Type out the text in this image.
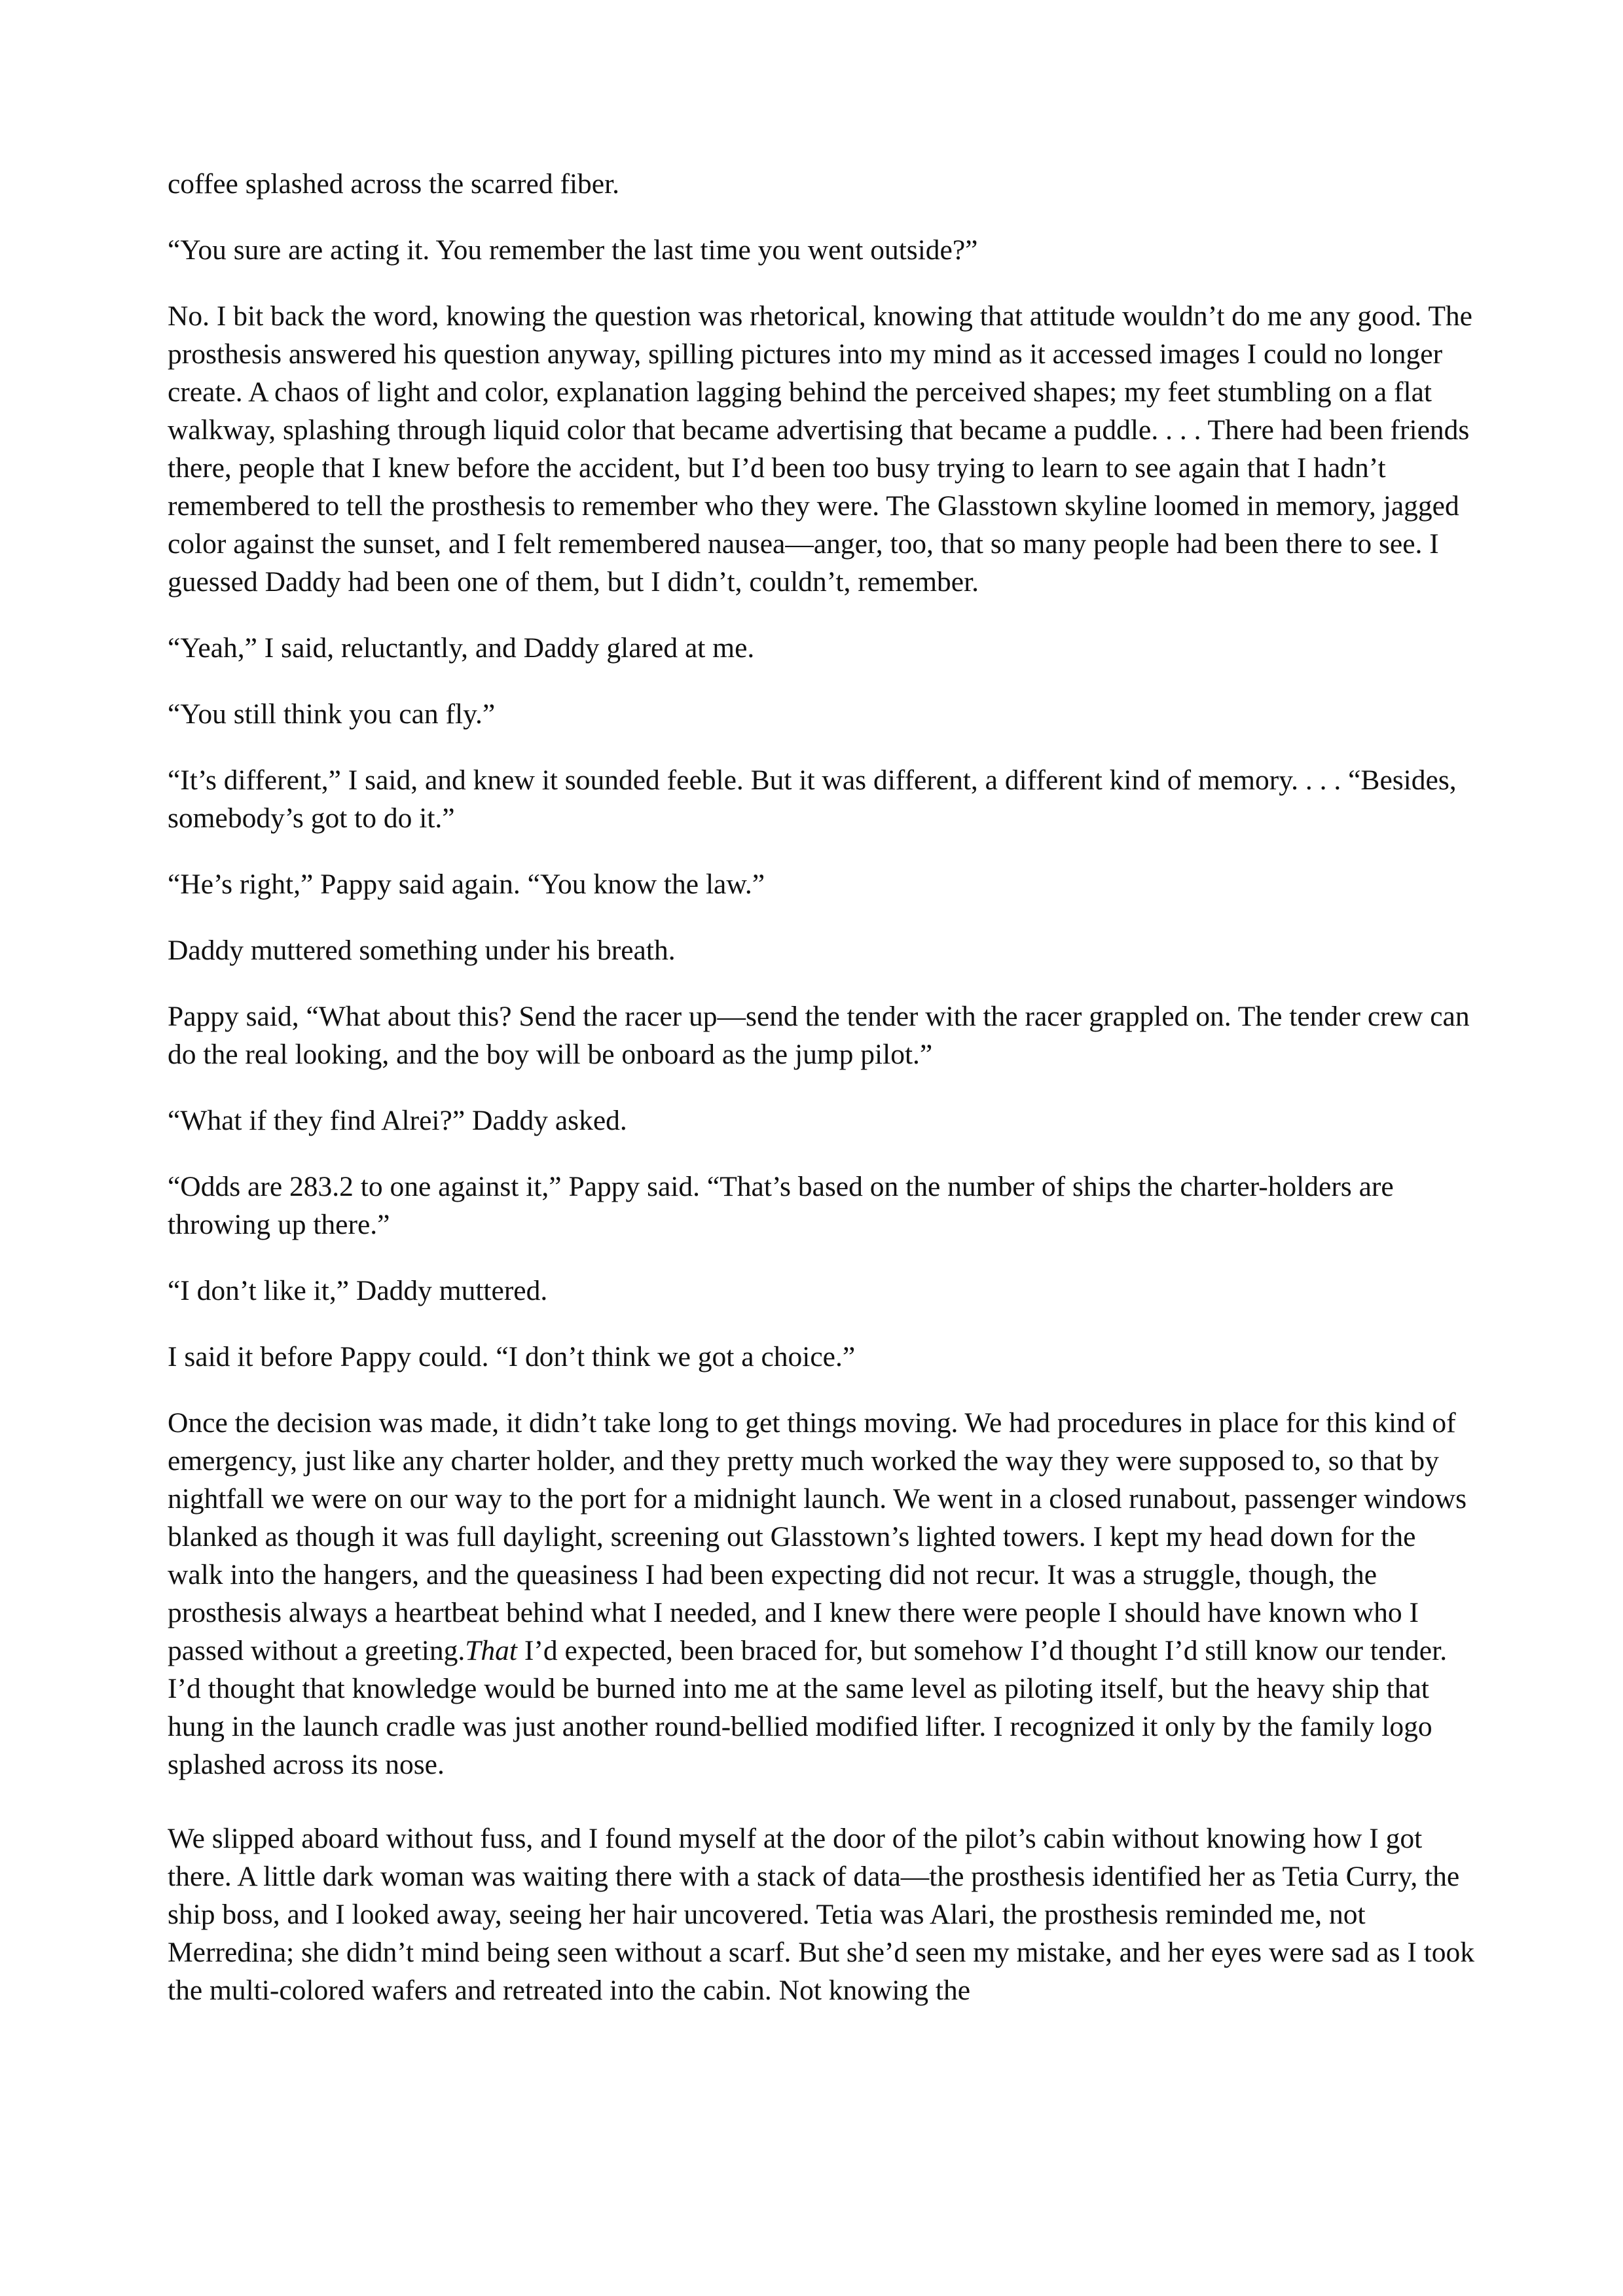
coffee splashed across the scarred fiber.

“You sure are acting it. You remember the last time you went outside?”

No. I bit back the word, knowing the question was rhetorical, knowing that attitude wouldn’t do me any good. The prosthesis answered his question anyway, spilling pictures into my mind as it accessed images I could no longer create. A chaos of light and color, explanation lagging behind the perceived shapes; my feet stumbling on a flat walkway, splashing through liquid color that became advertising that became a puddle. . . . There had been friends there, people that I knew before the accident, but I’d been too busy trying to learn to see again that I hadn’t remembered to tell the prosthesis to remember who they were. The Glasstown skyline loomed in memory, jagged color against the sunset, and I felt remembered nausea—anger, too, that so many people had been there to see. I guessed Daddy had been one of them, but I didn’t, couldn’t, remember.

“Yeah,” I said, reluctantly, and Daddy glared at me.

“You still think you can fly.”

“It’s different,” I said, and knew it sounded feeble. But it was different, a different kind of memory. . . . “Besides, somebody’s got to do it.”

“He’s right,” Pappy said again. “You know the law.”

Daddy muttered something under his breath.

Pappy said, “What about this? Send the racer up—send the tender with the racer grappled on. The tender crew can do the real looking, and the boy will be onboard as the jump pilot.”

“What if they find Alrei?” Daddy asked.

“Odds are 283.2 to one against it,” Pappy said. “That’s based on the number of ships the charter-holders are throwing up there.”

“I don’t like it,” Daddy muttered.

I said it before Pappy could. “I don’t think we got a choice.”

Once the decision was made, it didn’t take long to get things moving. We had procedures in place for this kind of emergency, just like any charter holder, and they pretty much worked the way they were supposed to, so that by nightfall we were on our way to the port for a midnight launch. We went in a closed runabout, passenger windows blanked as though it was full daylight, screening out Glasstown’s lighted towers. I kept my head down for the walk into the hangers, and the queasiness I had been expecting did not recur. It was a struggle, though, the prosthesis always a heartbeat behind what I needed, and I knew there were people I should have known who I passed without a greeting.That I’d expected, been braced for, but somehow I’d thought I’d still know our tender. I’d thought that knowledge would be burned into me at the same level as piloting itself, but the heavy ship that hung in the launch cradle was just another round-bellied modified lifter. I recognized it only by the family logo splashed across its nose.

We slipped aboard without fuss, and I found myself at the door of the pilot’s cabin without knowing how I got there. A little dark woman was waiting there with a stack of data—the prosthesis identified her as Tetia Curry, the ship boss, and I looked away, seeing her hair uncovered. Tetia was Alari, the prosthesis reminded me, not Merredina; she didn’t mind being seen without a scarf. But she’d seen my mistake, and her eyes were sad as I took the multi-colored wafers and retreated into the cabin. Not knowing the
